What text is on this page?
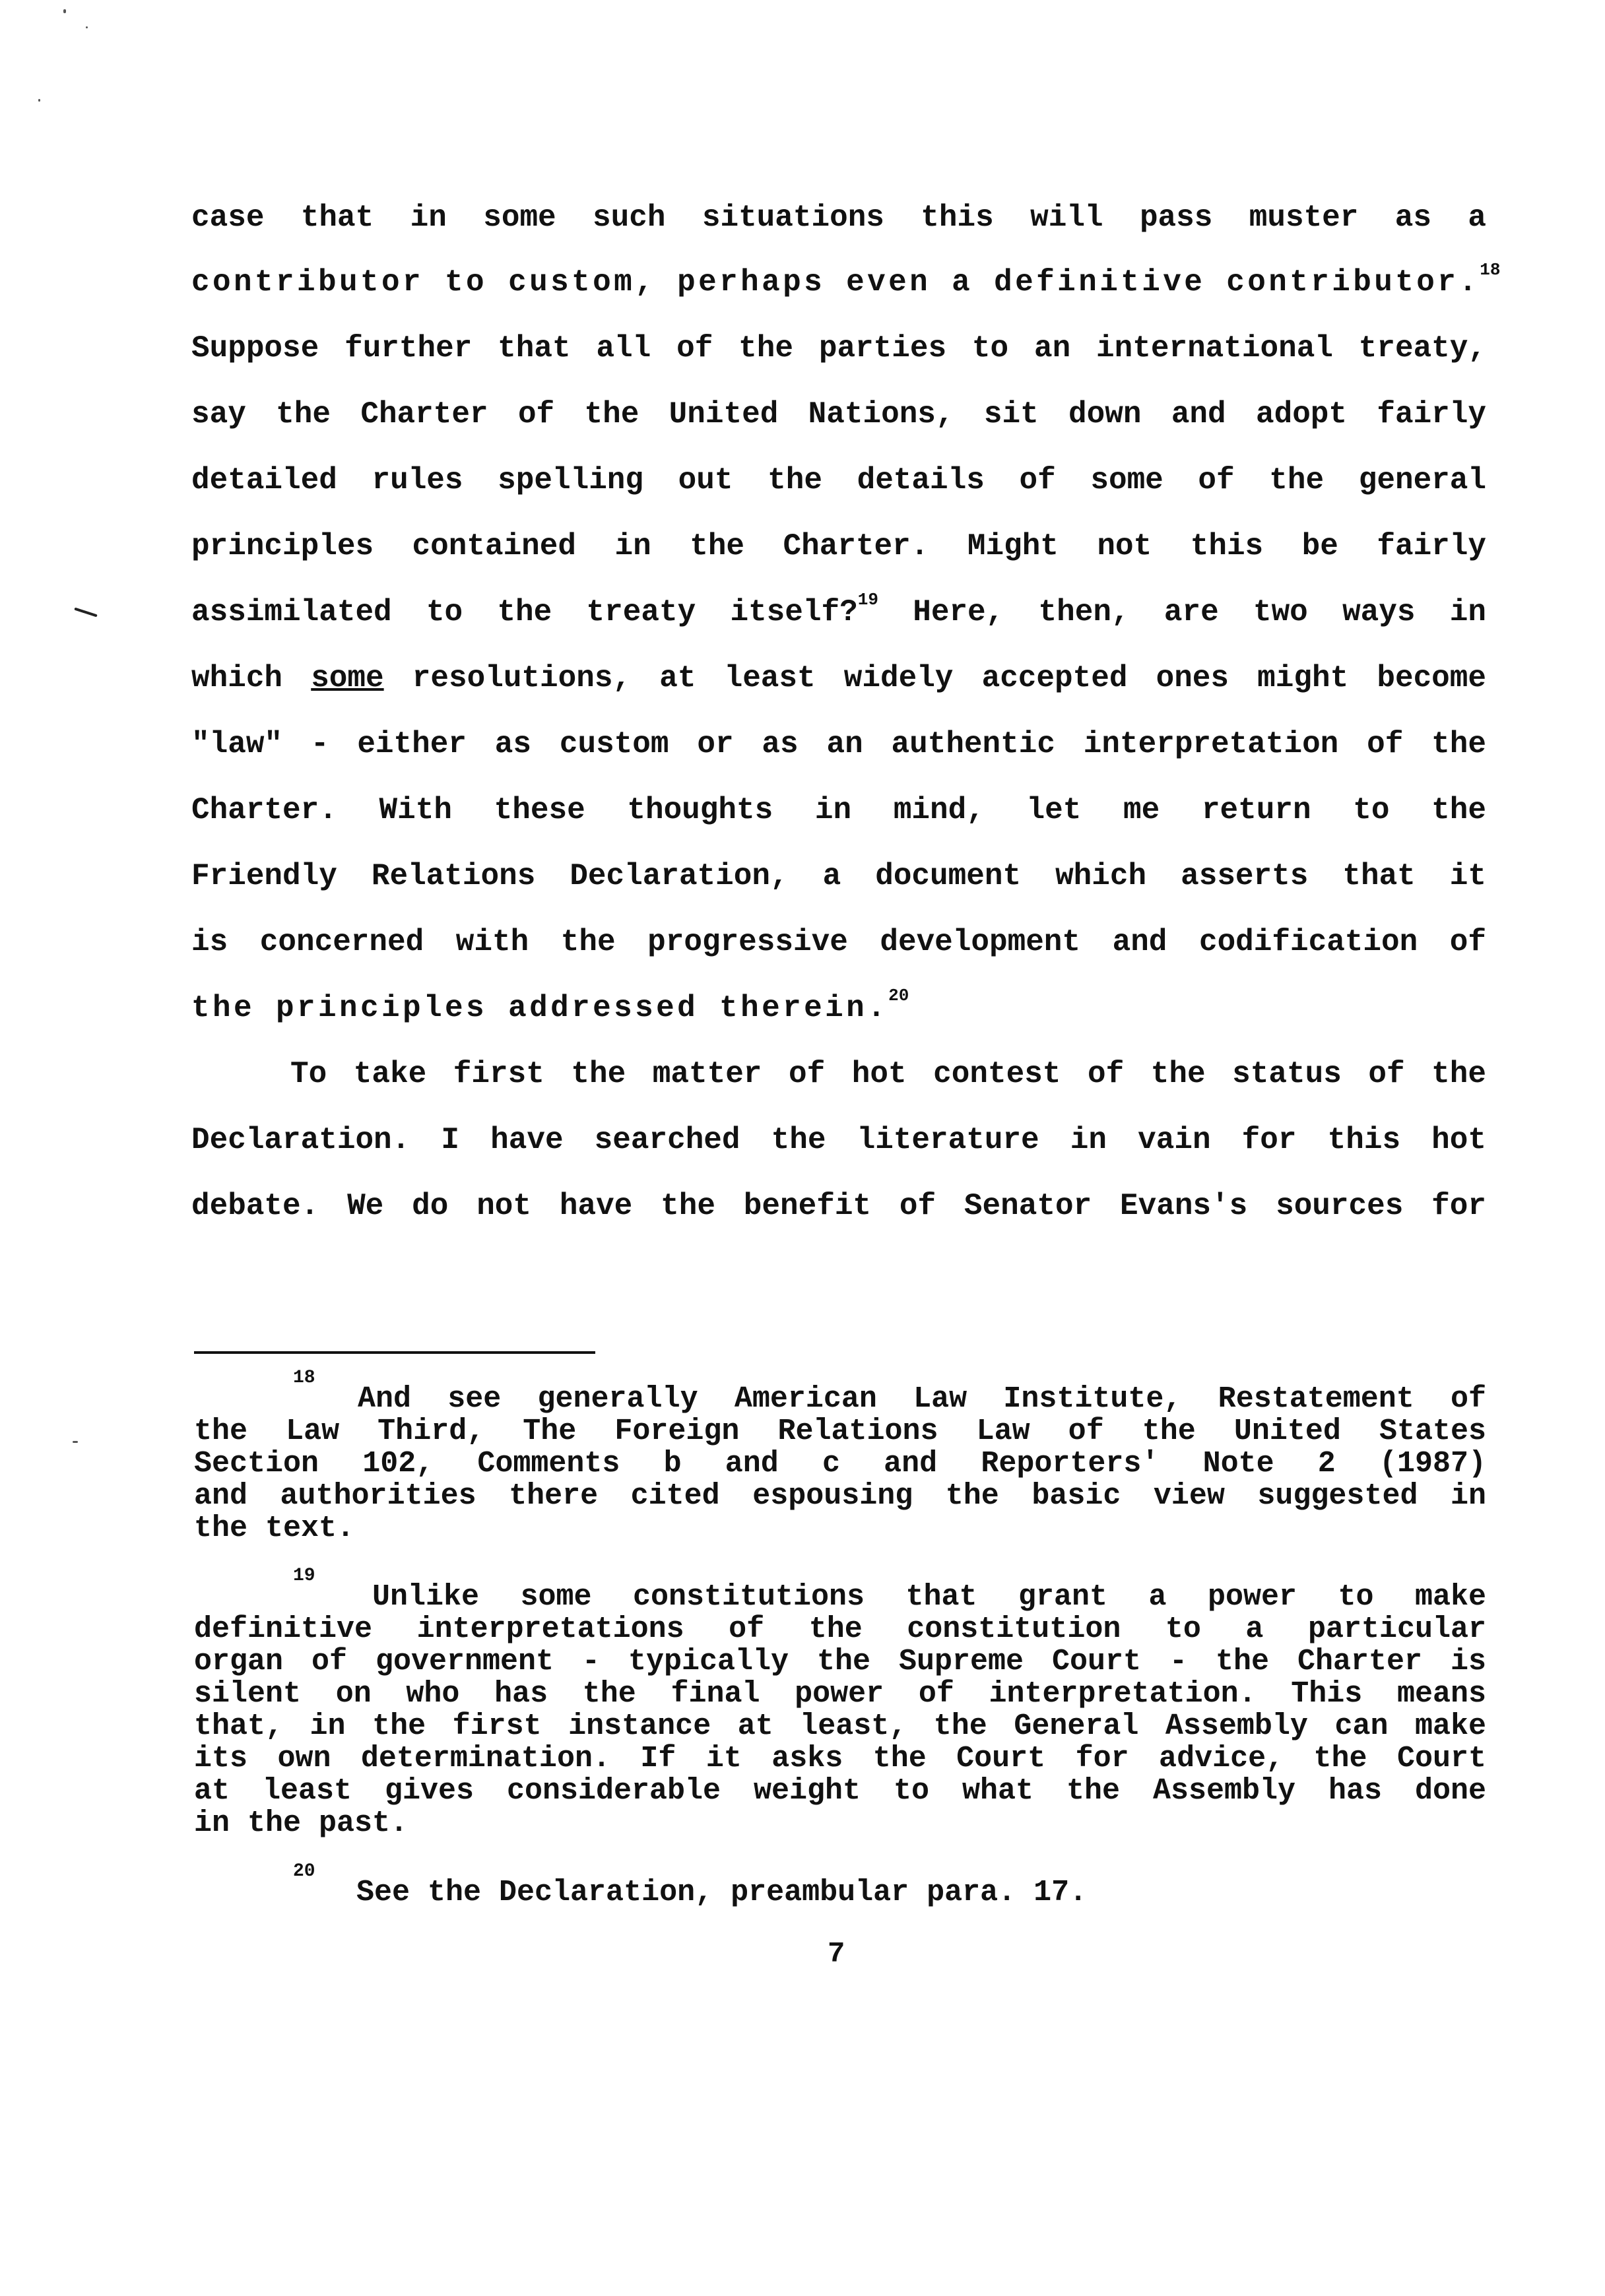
case that in some such situations this will pass muster as a
contributor to custom, perhaps even a definitive contributor.$^{18}$
Suppose further that all of the parties to an international treaty,
say the Charter of the United Nations, sit down and adopt fairly
detailed rules spelling out the details of some of the general
principles contained in the Charter. Might not this be fairly
assimilated to the treaty itself?$^{19}$ Here, then, are two ways in
which some resolutions, at least widely accepted ones might become
"law" - either as custom or as an authentic interpretation of the
Charter. With these thoughts in mind, let me return to the
Friendly Relations Declaration, a document which asserts that it
is concerned with the progressive development and codification of
the principles addressed therein.$^{20}$
To take first the matter of hot contest of the status of the
Declaration. I have searched the literature in vain for this hot
debate. We do not have the benefit of Senator Evans's sources for
18
And see generally American Law Institute, Restatement of
the Law Third, The Foreign Relations Law of the United States
Section 102, Comments b and c and Reporters' Note 2 (1987)
and authorities there cited espousing the basic view suggested in
the text.
19
Unlike some constitutions that grant a power to make
definitive interpretations of the constitution to a particular
organ of government - typically the Supreme Court - the Charter is
silent on who has the final power of interpretation. This means
that, in the first instance at least, the General Assembly can make
its own determination. If it asks the Court for advice, the Court
at least gives considerable weight to what the Assembly has done
in the past.
20
See the Declaration, preambular para. 17.
7
